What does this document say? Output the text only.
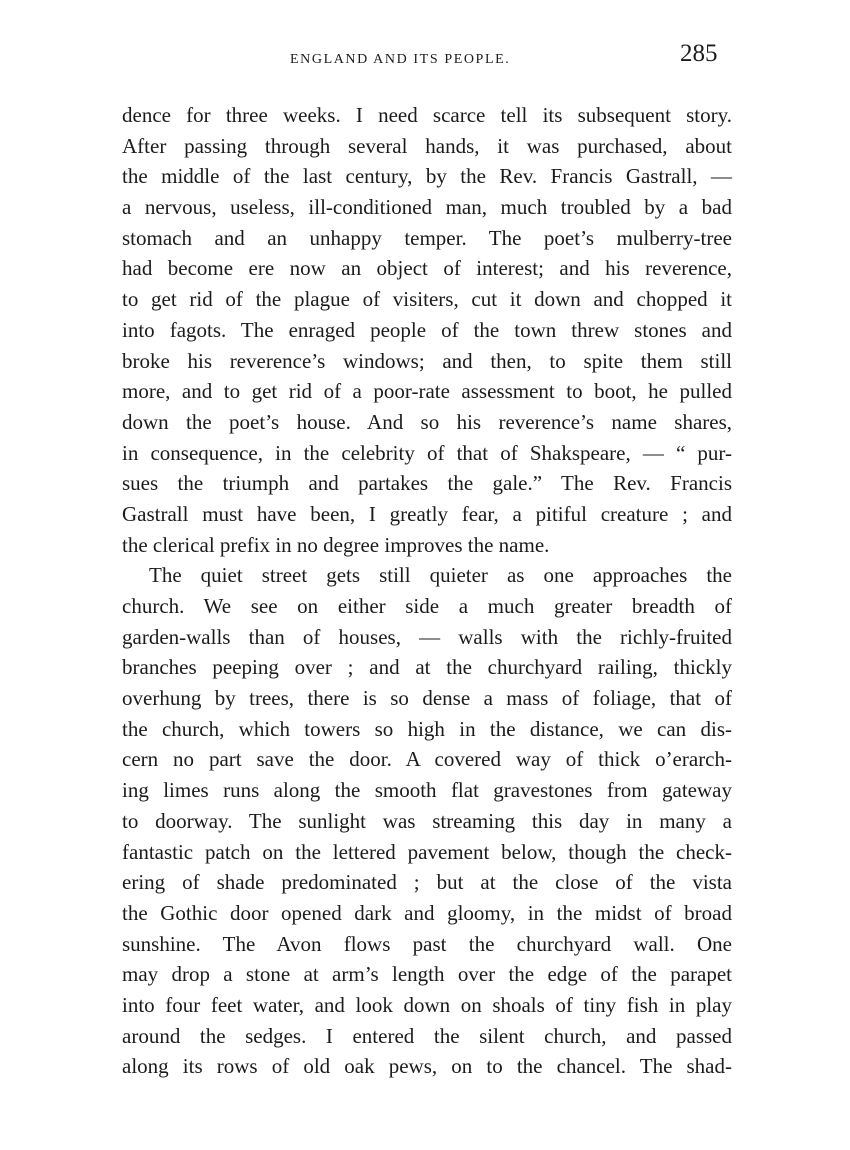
ENGLAND AND ITS PEOPLE.	285
dence for three weeks. I need scarce tell its subsequent story.
After passing through several hands, it was purchased, about
the middle of the last century, by the Rev. Francis Gastrall, —
a nervous, useless, ill-conditioned man, much troubled by a bad
stomach and an unhappy temper. The poet’s mulberry-tree
had become ere now an object of interest; and his reverence,
to get rid of the plague of visiters, cut it down and chopped it
into fagots. The enraged people of the town threw stones and
broke his reverence’s windows; and then, to spite them still
more, and to get rid of a poor-rate assessment to boot, he pulled
down the poet’s house. And so his reverence’s name shares,
in consequence, in the celebrity of that of Shakspeare, — “ pur-
sues the triumph and partakes the gale.” The Rev. Francis
Gastrall must have been, I greatly fear, a pitiful creature ; and
the clerical prefix in no degree improves the name.
The quiet street gets still quieter as one approaches the
church. We see on either side a much greater breadth of
garden-walls than of houses, — walls with the richly-fruited
branches peeping over ; and at the churchyard railing, thickly
overhung by trees, there is so dense a mass of foliage, that of
the church, which towers so high in the distance, we can dis-
cern no part save the door. A covered way of thick o’erarch-
ing limes runs along the smooth flat gravestones from gateway
to doorway. The sunlight was streaming this day in many a
fantastic patch on the lettered pavement below, though the check-
ering of shade predominated ; but at the close of the vista
the Gothic door opened dark and gloomy, in the midst of broad
sunshine. The Avon flows past the churchyard wall. One
may drop a stone at arm’s length over the edge of the parapet
into four feet water, and look down on shoals of tiny fish in play
around the sedges. I entered the silent church, and passed
along its rows of old oak pews, on to the chancel. The shad-
